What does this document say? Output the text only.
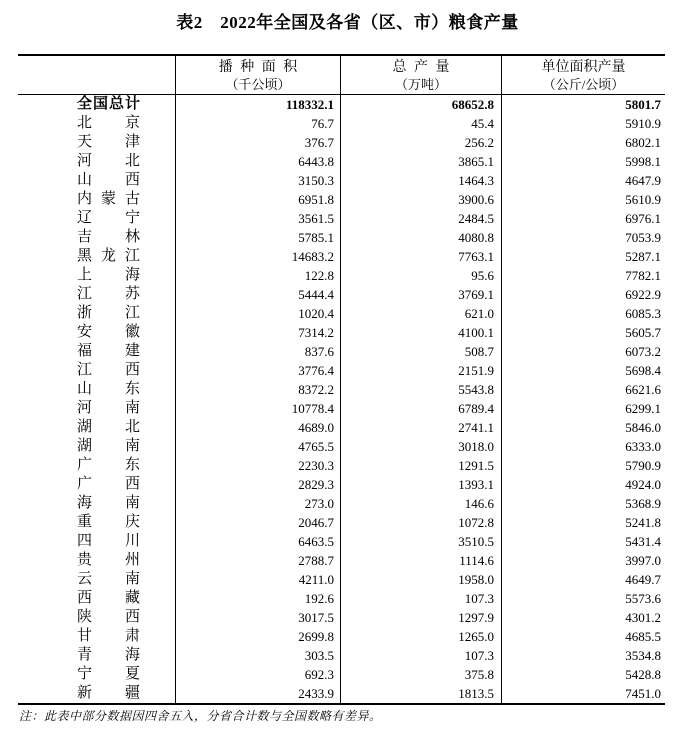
表2　2022年全国及各省（区、市）粮食产量
播 种 面 积
（千公顷）
总 产 量
（万吨）
单位面积产量
（公斤/公顷）
全国总计	118332.1	68652.8	5801.7
北京	76.7	45.4	5910.9
天津	376.7	256.2	6802.1
河北	6443.8	3865.1	5998.1
山西	3150.3	1464.3	4647.9
内蒙古	6951.8	3900.6	5610.9
辽宁	3561.5	2484.5	6976.1
吉林	5785.1	4080.8	7053.9
黑龙江	14683.2	7763.1	5287.1
上海	122.8	95.6	7782.1
江苏	5444.4	3769.1	6922.9
浙江	1020.4	621.0	6085.3
安徽	7314.2	4100.1	5605.7
福建	837.6	508.7	6073.2
江西	3776.4	2151.9	5698.4
山东	8372.2	5543.8	6621.6
河南	10778.4	6789.4	6299.1
湖北	4689.0	2741.1	5846.0
湖南	4765.5	3018.0	6333.0
广东	2230.3	1291.5	5790.9
广西	2829.3	1393.1	4924.0
海南	273.0	146.6	5368.9
重庆	2046.7	1072.8	5241.8
四川	6463.5	3510.5	5431.4
贵州	2788.7	1114.6	3997.0
云南	4211.0	1958.0	4649.7
西藏	192.6	107.3	5573.6
陕西	3017.5	1297.9	4301.2
甘肃	2699.8	1265.0	4685.5
青海	303.5	107.3	3534.8
宁夏	692.3	375.8	5428.8
新疆	2433.9	1813.5	7451.0
注：此表中部分数据因四舍五入，分省合计数与全国数略有差异。
